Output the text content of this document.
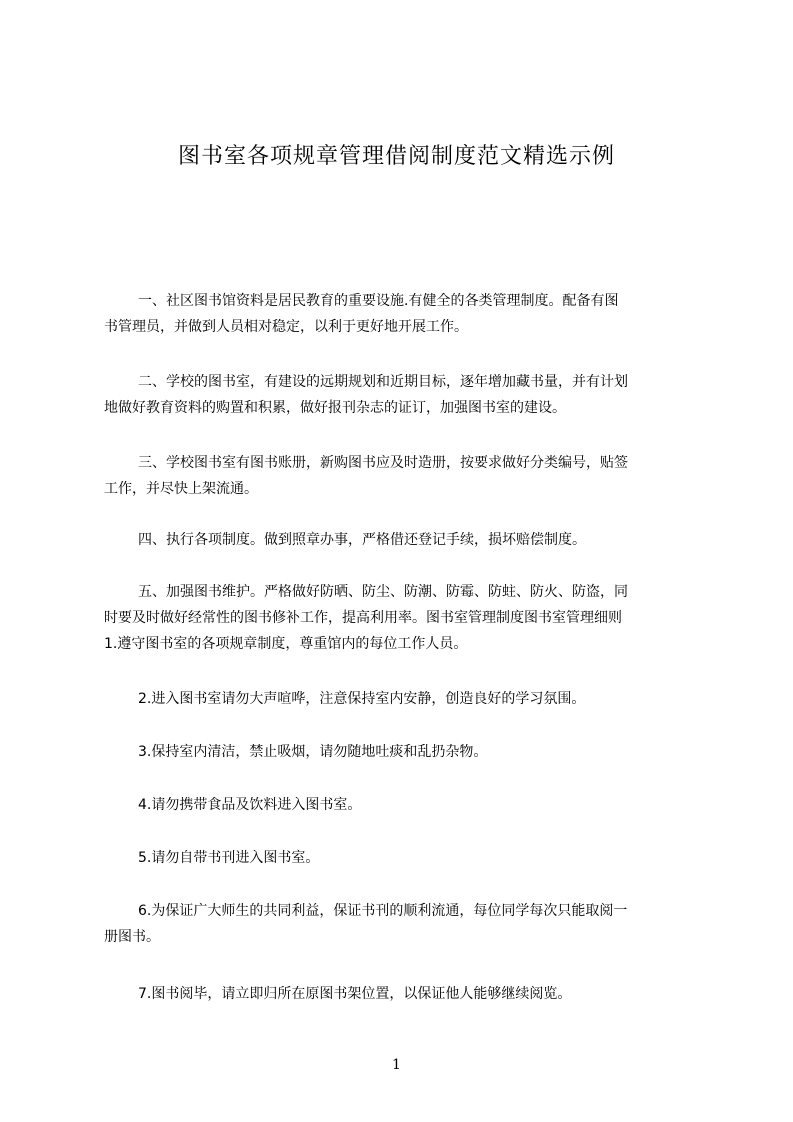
图书室各项规章管理借阅制度范文精选示例
一、社区图书馆资料是居民教育的重要设施.有健全的各类管理制度。配备有图
书管理员，并做到人员相对稳定，以利于更好地开展工作。
二、学校的图书室，有建设的远期规划和近期目标，逐年增加藏书量，并有计划
地做好教育资料的购置和积累，做好报刊杂志的证订，加强图书室的建设。
三、学校图书室有图书账册，新购图书应及时造册，按要求做好分类编号，贴签
工作，并尽快上架流通。
四、执行各项制度。做到照章办事，严格借还登记手续，损坏赔偿制度。
五、加强图书维护。严格做好防晒、防尘、防潮、防霉、防蛀、防火、防盗，同
时要及时做好经常性的图书修补工作，提高利用率。图书室管理制度图书室管理细则
1.遵守图书室的各项规章制度，尊重馆内的每位工作人员。
2.进入图书室请勿大声喧哗，注意保持室内安静，创造良好的学习氛围。
3.保持室内清洁，禁止吸烟，请勿随地吐痰和乱扔杂物。
4.请勿携带食品及饮料进入图书室。
5.请勿自带书刊进入图书室。
6.为保证广大师生的共同利益，保证书刊的顺利流通，每位同学每次只能取阅一
册图书。
7.图书阅毕，请立即归所在原图书架位置，以保证他人能够继续阅览。
1
